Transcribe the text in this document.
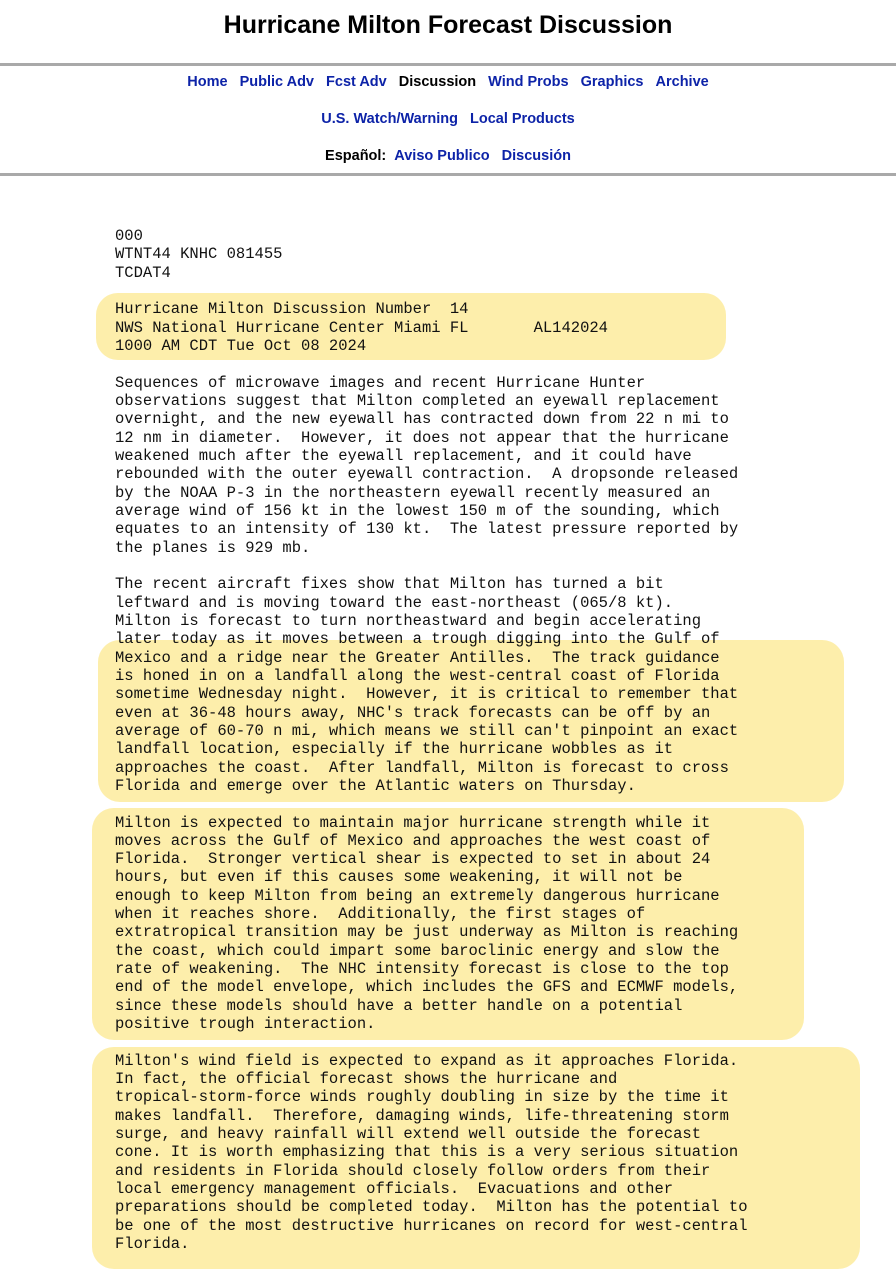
Hurricane Milton Forecast Discussion
Home Public Adv Fcst Adv Discussion Wind Probs Graphics Archive
U.S. Watch/Warning Local Products
Español: Aviso Publico Discusión
000
WTNT44 KNHC 081455
TCDAT4

Hurricane Milton Discussion Number  14
NWS National Hurricane Center Miami FL       AL142024
1000 AM CDT Tue Oct 08 2024

Sequences of microwave images and recent Hurricane Hunter
observations suggest that Milton completed an eyewall replacement
overnight, and the new eyewall has contracted down from 22 n mi to
12 nm in diameter.  However, it does not appear that the hurricane
weakened much after the eyewall replacement, and it could have
rebounded with the outer eyewall contraction.  A dropsonde released
by the NOAA P-3 in the northeastern eyewall recently measured an
average wind of 156 kt in the lowest 150 m of the sounding, which
equates to an intensity of 130 kt.  The latest pressure reported by
the planes is 929 mb.

The recent aircraft fixes show that Milton has turned a bit
leftward and is moving toward the east-northeast (065/8 kt).
Milton is forecast to turn northeastward and begin accelerating
later today as it moves between a trough digging into the Gulf of
Mexico and a ridge near the Greater Antilles.  The track guidance
is honed in on a landfall along the west-central coast of Florida
sometime Wednesday night.  However, it is critical to remember that
even at 36-48 hours away, NHC's track forecasts can be off by an
average of 60-70 n mi, which means we still can't pinpoint an exact
landfall location, especially if the hurricane wobbles as it
approaches the coast.  After landfall, Milton is forecast to cross
Florida and emerge over the Atlantic waters on Thursday.

Milton is expected to maintain major hurricane strength while it
moves across the Gulf of Mexico and approaches the west coast of
Florida.  Stronger vertical shear is expected to set in about 24
hours, but even if this causes some weakening, it will not be
enough to keep Milton from being an extremely dangerous hurricane
when it reaches shore.  Additionally, the first stages of
extratropical transition may be just underway as Milton is reaching
the coast, which could impart some baroclinic energy and slow the
rate of weakening.  The NHC intensity forecast is close to the top
end of the model envelope, which includes the GFS and ECMWF models,
since these models should have a better handle on a potential
positive trough interaction.

Milton's wind field is expected to expand as it approaches Florida.
In fact, the official forecast shows the hurricane and
tropical-storm-force winds roughly doubling in size by the time it
makes landfall.  Therefore, damaging winds, life-threatening storm
surge, and heavy rainfall will extend well outside the forecast
cone. It is worth emphasizing that this is a very serious situation
and residents in Florida should closely follow orders from their
local emergency management officials.  Evacuations and other
preparations should be completed today.  Milton has the potential to
be one of the most destructive hurricanes on record for west-central
Florida.
